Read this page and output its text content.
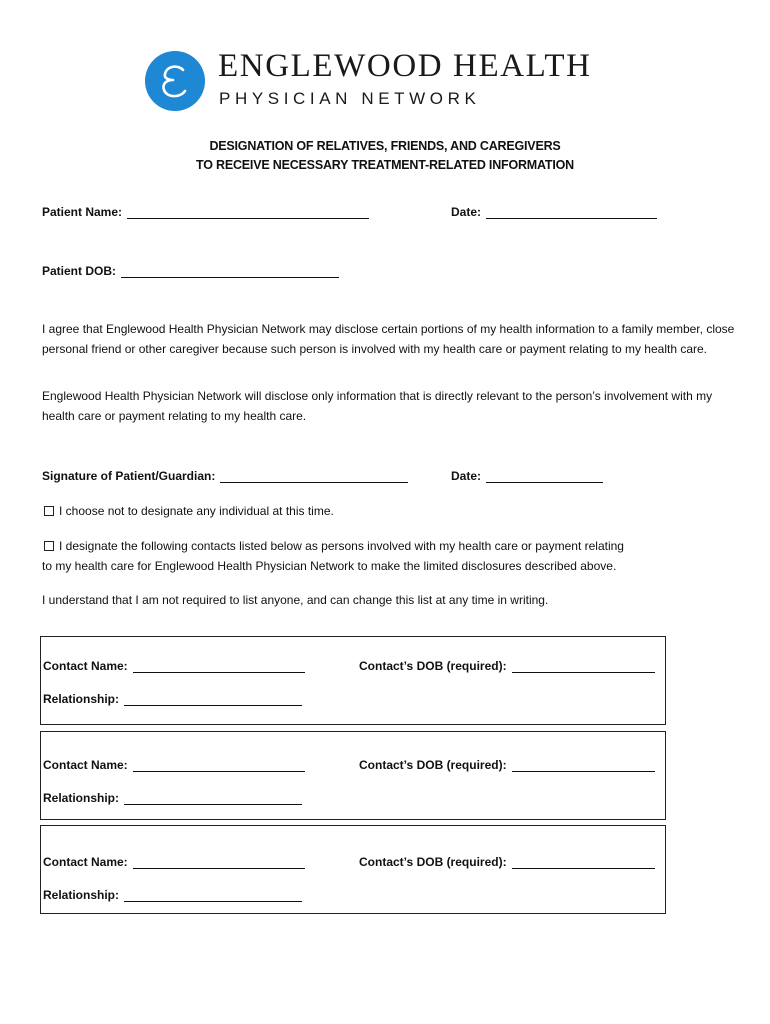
ENGLEWOOD HEALTH
PHYSICIAN NETWORK
DESIGNATION OF RELATIVES, FRIENDS, AND CAREGIVERS
TO RECEIVE NECESSARY TREATMENT-RELATED INFORMATION
Patient Name:	Date:
Patient DOB:
I agree that Englewood Health Physician Network may disclose certain portions of my health information to a family member, close personal friend or other caregiver because such person is involved with my health care or payment relating to my health care.
Englewood Health Physician Network will disclose only information that is directly relevant to the person’s involvement with my health care or payment relating to my health care.
Signature of Patient/Guardian:	Date:
I choose not to designate any individual at this time.
I designate the following contacts listed below as persons involved with my health care or payment relating
to my health care for Englewood Health Physician Network to make the limited disclosures described above.
I understand that I am not required to list anyone, and can change this list at any time in writing.
Contact Name:	Contact’s DOB (required):
Relationship:
Contact Name:	Contact’s DOB (required):
Relationship:
Contact Name:	Contact’s DOB (required):
Relationship:
